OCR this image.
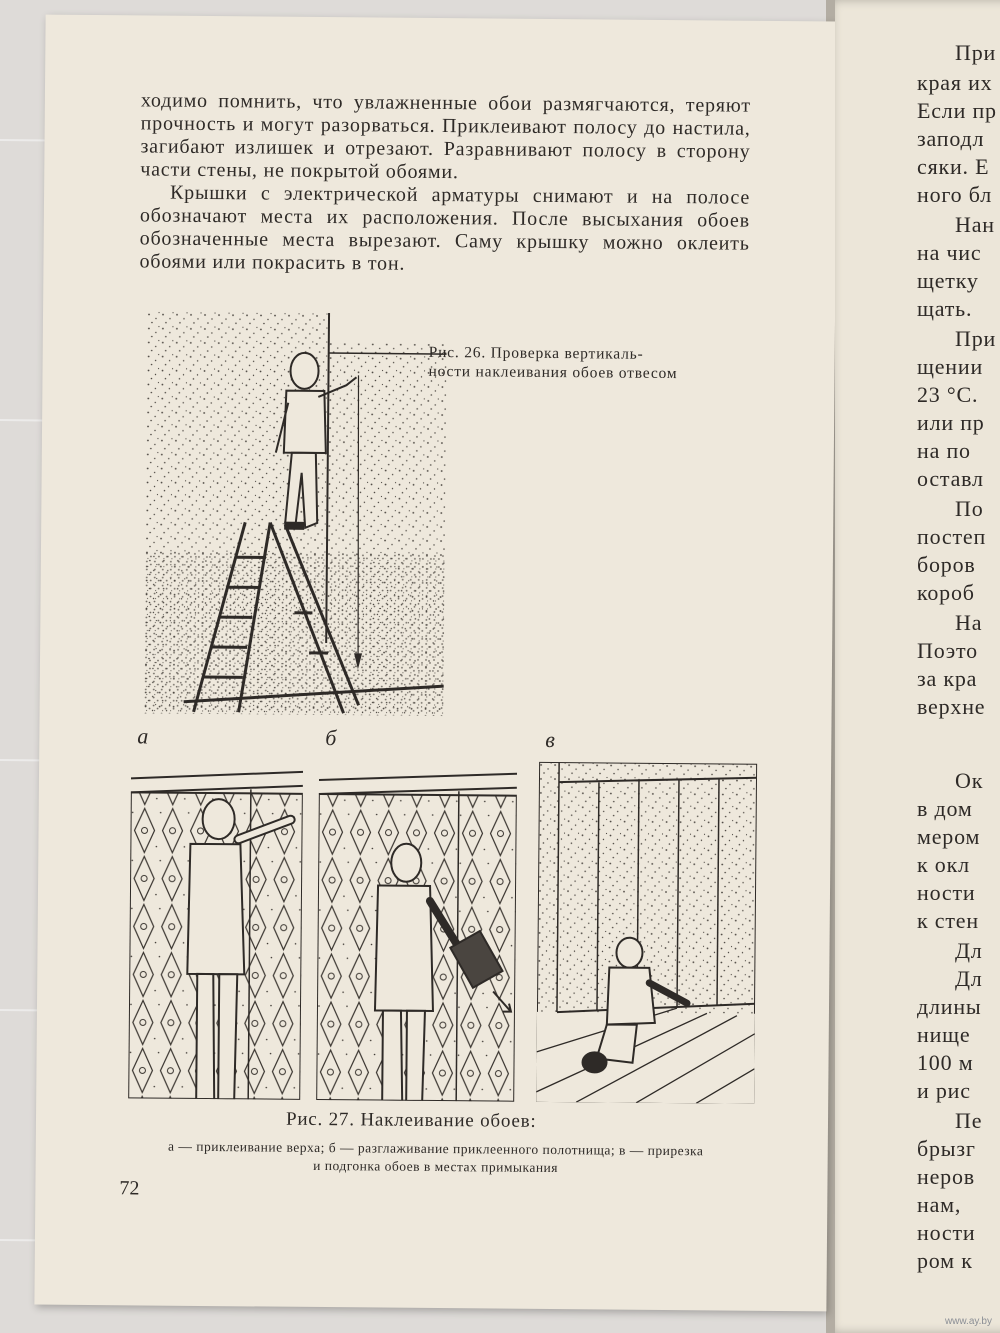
ходимо помнить, что увлажненные обои размягчаются, теряют прочность и могут разорваться. Приклеивают полосу до настила, загибают излишек и отрезают. Разравнивают полосу в сторону части стены, не покрытой обоями.

Крышки с электрической арматуры снимают и на полосе обозначают места их расположения. После высыхания обоев обозначенные места вырезают. Саму крышку можно оклеить обоями или покрасить в тон.

Рис. 26. Проверка вертикаль-
ности наклеивания обоев отвесом
а	б	в
Рис. 27. Наклеивание обоев:
а — приклеивание верха; б — разглаживание приклеенного полотнища; в — прирезка
и подгонка обоев в местах примыкания
72
При
края их
Если пр
заподл
сяки. Е
ного бл
Нан
на чис
щетку
щать.
При
щении
23 °С.
или пр
на по
оставл
По
постеп
боров
короб
На
Поэто
за кра
верхне
Ок
в дом
мером
к окл
ности
к стен
Дл
Дл
длины
нище
100 м
и рис
Пе
брызг
неров
нам,
ности
ром к
www.ay.by
